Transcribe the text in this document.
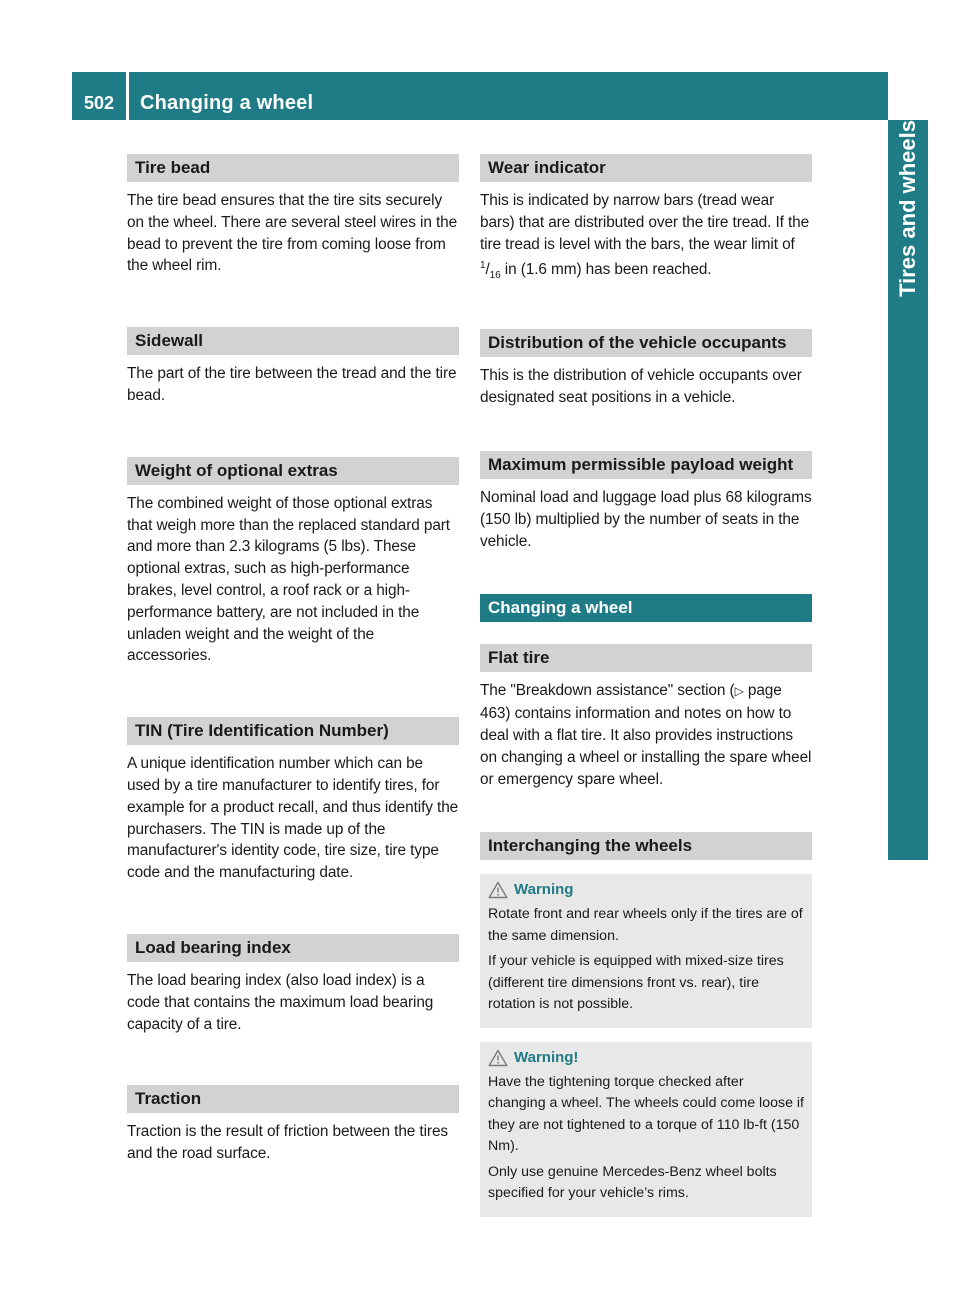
502	Changing a wheel
Tires and wheels
Tire bead

The tire bead ensures that the tire sits securely on the wheel. There are several steel wires in the bead to prevent the tire from coming loose from the wheel rim.

Sidewall

The part of the tire between the tread and the tire bead.

Weight of optional extras

The combined weight of those optional extras that weigh more than the replaced standard part and more than 2.3 kilograms (5 lbs). These optional extras, such as high-performance brakes, level control, a roof rack or a high-performance battery, are not included in the unladen weight and the weight of the accessories.

TIN (Tire Identification Number)

A unique identification number which can be used by a tire manufacturer to identify tires, for example for a product recall, and thus identify the purchasers. The TIN is made up of the manufacturer's identity code, tire size, tire type code and the manufacturing date.

Load bearing index

The load bearing index (also load index) is a code that contains the maximum load bearing capacity of a tire.

Traction

Traction is the result of friction between the tires and the road surface.

Wear indicator

This is indicated by narrow bars (tread wear bars) that are distributed over the tire tread. If the tire tread is level with the bars, the wear limit of $^1/_{16}$ in (1.6 mm) has been reached.

Distribution of the vehicle occupants

This is the distribution of vehicle occupants over designated seat positions in a vehicle.

Maximum permissible payload weight

Nominal load and luggage load plus 68 kilograms (150 lb) multiplied by the number of seats in the vehicle.

Changing a wheel
Flat tire

The "Breakdown assistance" section (▷ page 463) contains information and notes on how to deal with a flat tire. It also provides instructions on changing a wheel or installing the spare wheel or emergency spare wheel.

Interchanging the wheels
Warning

Rotate front and rear wheels only if the tires are of the same dimension.

If your vehicle is equipped with mixed-size tires (different tire dimensions front vs. rear), tire rotation is not possible.

Warning!

Have the tightening torque checked after changing a wheel. The wheels could come loose if they are not tightened to a torque of 110 lb-ft (150 Nm).

Only use genuine Mercedes-Benz wheel bolts specified for your vehicle’s rims.
